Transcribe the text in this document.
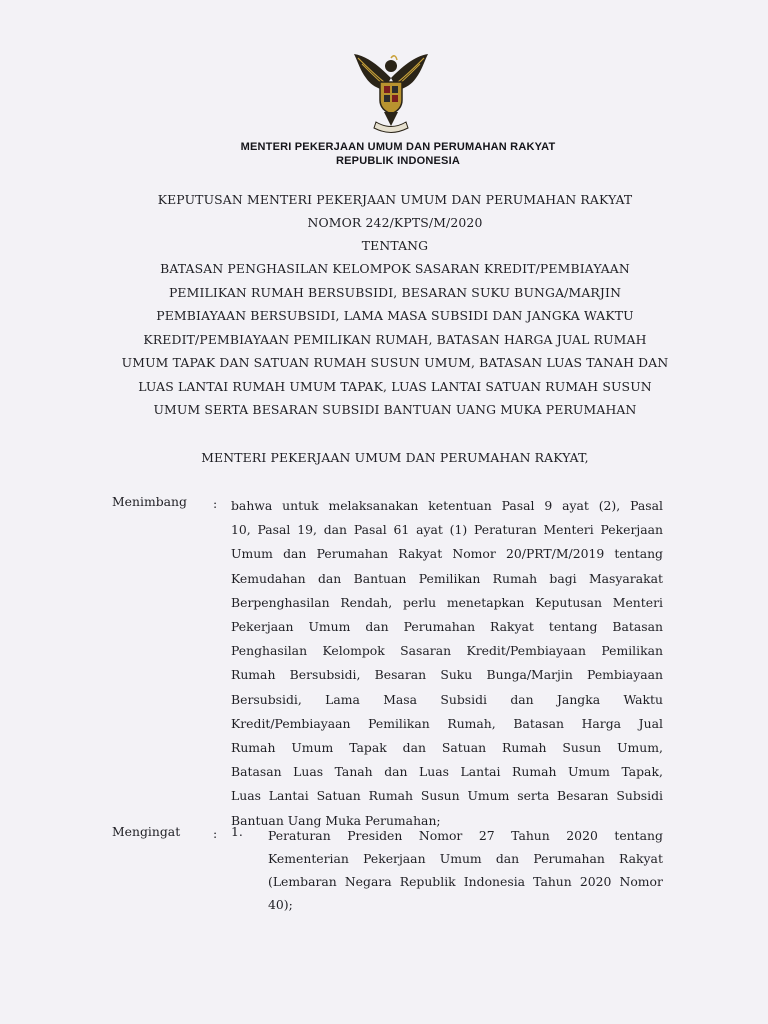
MENTERI PEKERJAAN UMUM DAN PERUMAHAN RAKYAT
REPUBLIK INDONESIA
KEPUTUSAN MENTERI PEKERJAAN UMUM DAN PERUMAHAN RAKYAT
NOMOR 242/KPTS/M/2020
TENTANG
BATASAN PENGHASILAN KELOMPOK SASARAN KREDIT/PEMBIAYAAN
PEMILIKAN RUMAH BERSUBSIDI, BESARAN SUKU BUNGA/MARJIN
PEMBIAYAAN BERSUBSIDI, LAMA MASA SUBSIDI DAN JANGKA WAKTU
KREDIT/PEMBIAYAAN PEMILIKAN RUMAH, BATASAN HARGA JUAL RUMAH
UMUM TAPAK DAN SATUAN RUMAH SUSUN UMUM, BATASAN LUAS TANAH DAN
LUAS LANTAI RUMAH UMUM TAPAK, LUAS LANTAI SATUAN RUMAH SUSUN
UMUM SERTA BESARAN SUBSIDI BANTUAN UANG MUKA PERUMAHAN
MENTERI PEKERJAAN UMUM DAN PERUMAHAN RAKYAT,
Menimbang : bahwa untuk melaksanakan ketentuan Pasal 9 ayat (2), Pasal
10, Pasal 19, dan Pasal 61 ayat (1) Peraturan Menteri Pekerjaan
Umum dan Perumahan Rakyat Nomor 20/PRT/M/2019 tentang
Kemudahan dan Bantuan Pemilikan Rumah bagi Masyarakat
Berpenghasilan Rendah, perlu menetapkan Keputusan Menteri
Pekerjaan Umum dan Perumahan Rakyat tentang Batasan
Penghasilan Kelompok Sasaran Kredit/Pembiayaan Pemilikan
Rumah Bersubsidi, Besaran Suku Bunga/Marjin Pembiayaan
Bersubsidi, Lama Masa Subsidi dan Jangka Waktu
Kredit/Pembiayaan Pemilikan Rumah, Batasan Harga Jual
Rumah Umum Tapak dan Satuan Rumah Susun Umum,
Batasan Luas Tanah dan Luas Lantai Rumah Umum Tapak,
Luas Lantai Satuan Rumah Susun Umum serta Besaran Subsidi
Bantuan Uang Muka Perumahan;
Mengingat	: 1. Peraturan Presiden Nomor 27 Tahun 2020 tentang
Kementerian Pekerjaan Umum dan Perumahan Rakyat
(Lembaran Negara Republik Indonesia Tahun 2020 Nomor
40);
